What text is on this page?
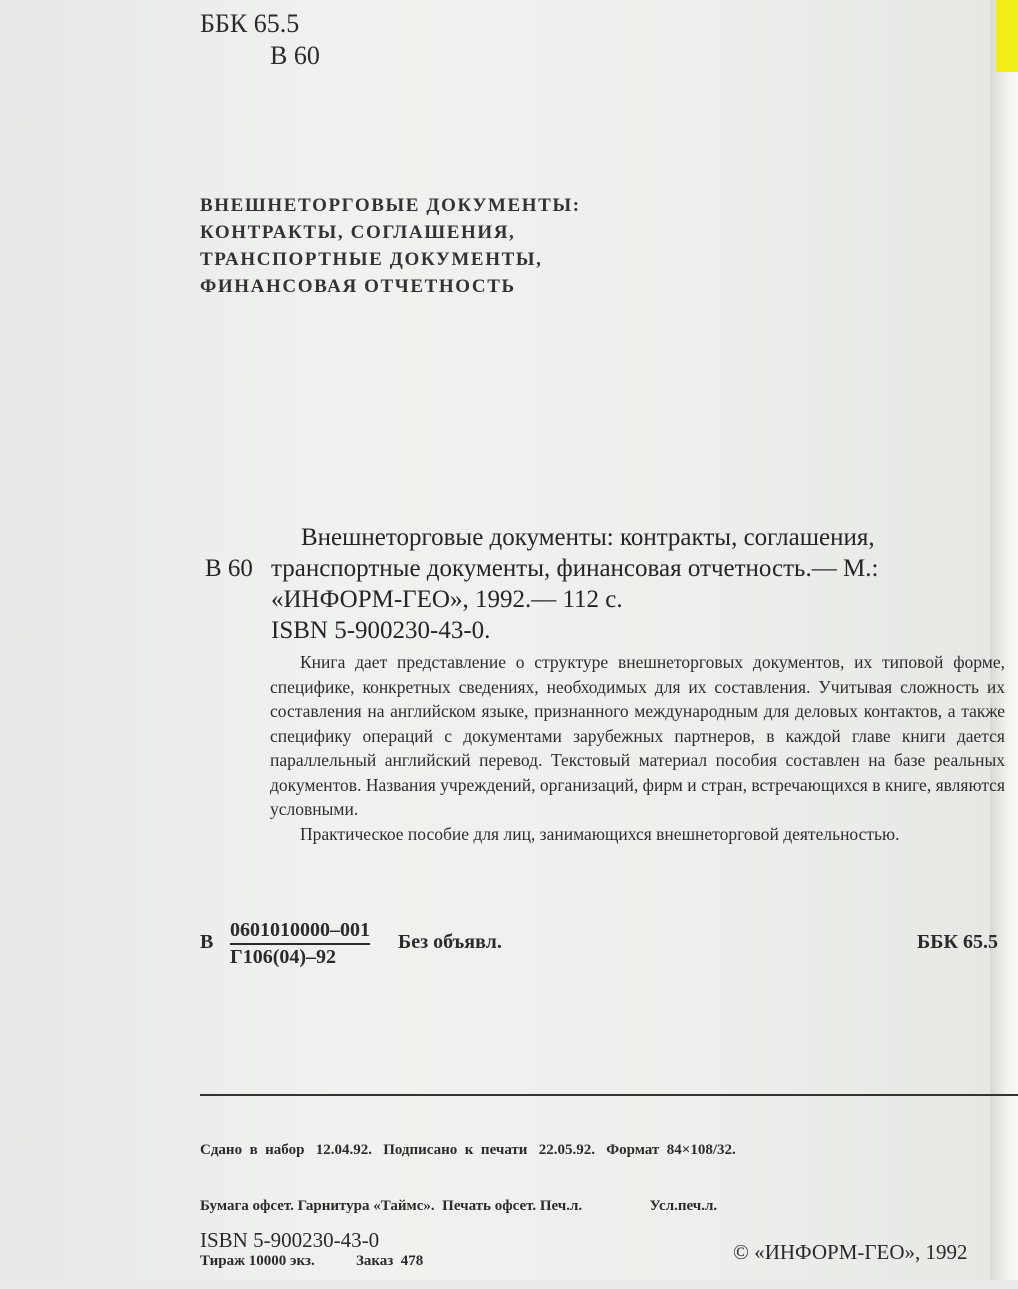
ББК 65.5
В 60
ВНЕШНЕТОРГОВЫЕ ДОКУМЕНТЫ:
КОНТРАКТЫ, СОГЛАШЕНИЯ,
ТРАНСПОРТНЫЕ ДОКУМЕНТЫ,
ФИНАНСОВАЯ ОТЧЕТНОСТЬ
Внешнеторговые документы: контракты, соглашения,
В 60 транспортные документы, финансовая отчетность.— М.:
«ИНФОРМ-ГЕО», 1992.— 112 с.
ISBN 5-900230-43-0.

Книга дает представление о структуре внешнеторговых документов, их типовой форме, специфике, конкретных сведениях, необходимых для их составления. Учитывая сложность их составления на английском языке, признанного международным для деловых контактов, а также специфику операций с документами зарубежных партнеров, в каждой главе книги дается параллельный английский перевод. Текстовый материал пособия составлен на базе реальных документов. Названия учреждений, организаций, фирм и стран, встречающихся в книге, являются условными.

Практическое пособие для лиц, занимающихся внешнеторговой деятельностью.

В
0601010000–001
Г106(04)–92
Без объявл.	ББК 65.5

Сдано  в  набор   12.04.92.   Подписано  к  печати   22.05.92.   Формат  84×108/32.

Бумага офсет. Гарнитура «Таймс».  Печать офсет. Печ.л.                  Усл.печ.л.

Тираж 10000 экз.           Заказ  478

ISBN 5-900230-43-0	© «ИНФОРМ-ГЕО», 1992
